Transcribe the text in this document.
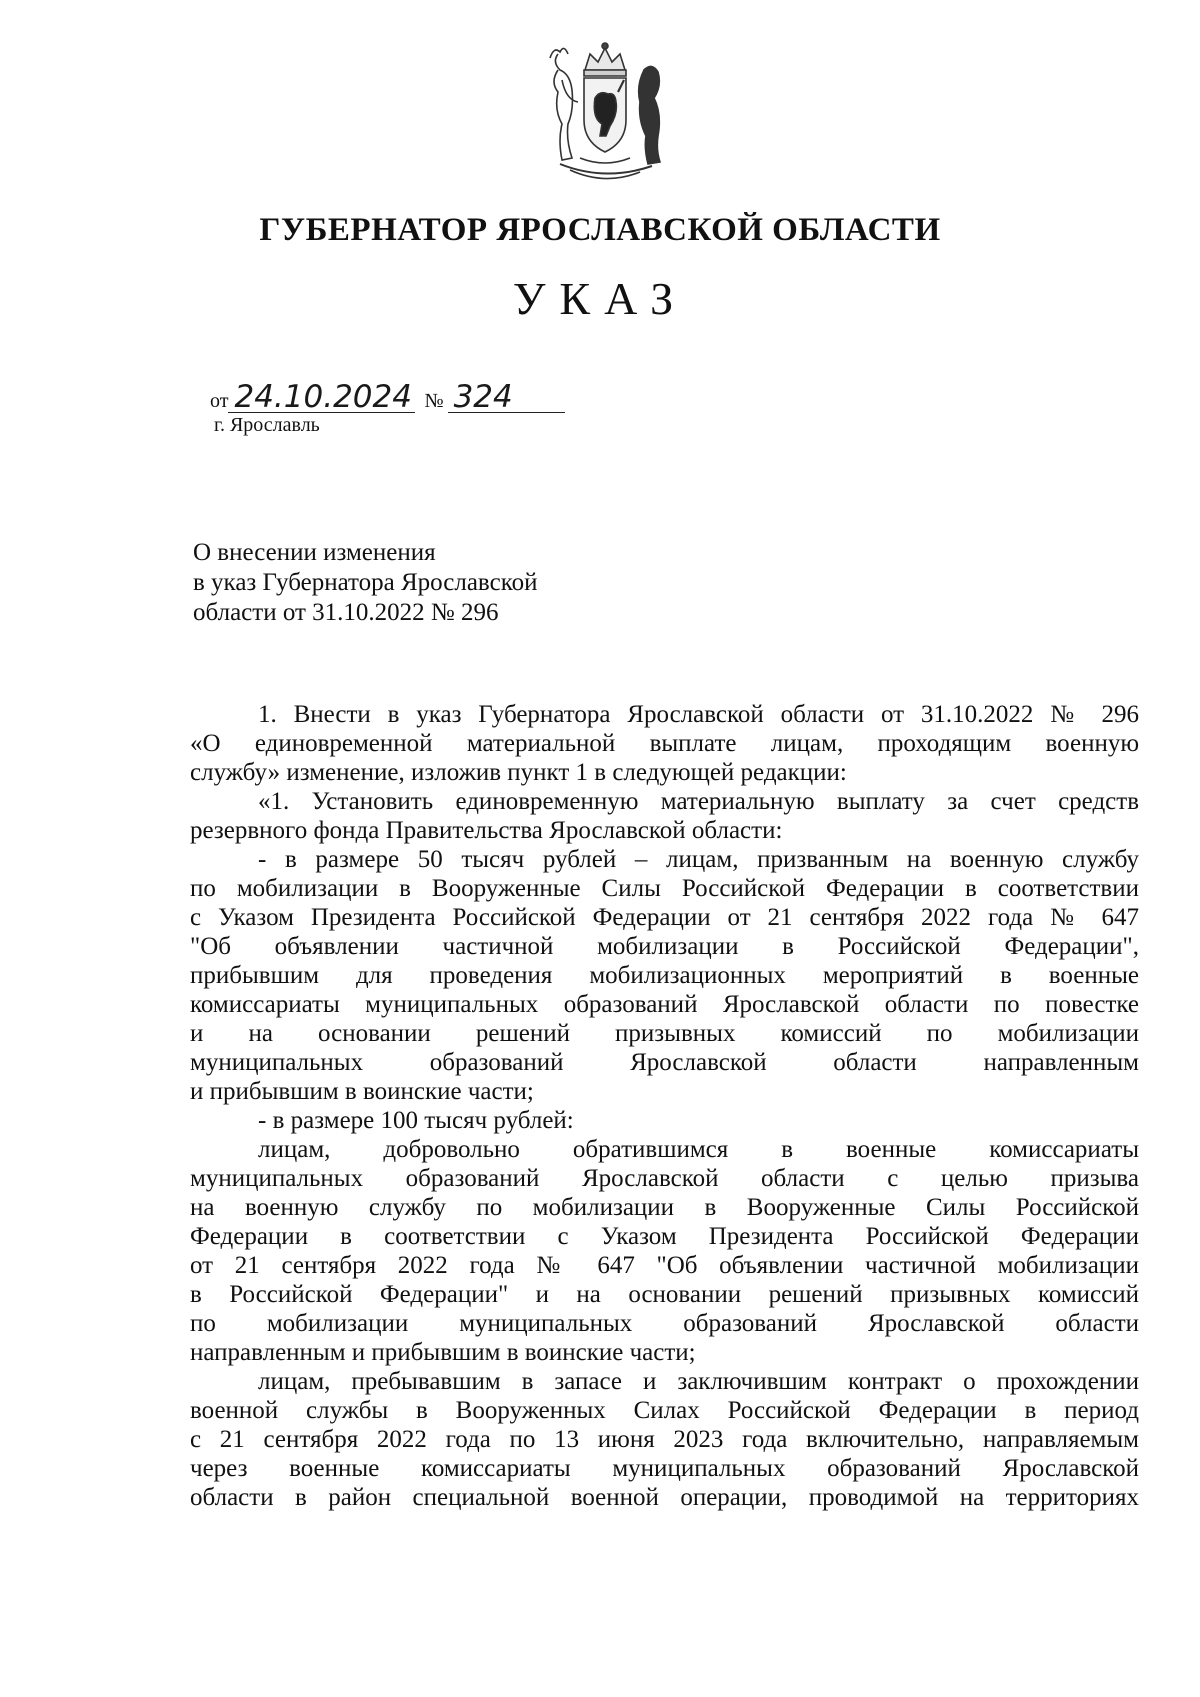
ГУБЕРНАТОР ЯРОСЛАВСКОЙ ОБЛАСТИ
УКАЗ
от 24.10.2024 № 324
г. Ярославль
О внесении изменения
в указ Губернатора Ярославской
области от 31.10.2022 № 296
1. Внести в указ Губернатора Ярославской области от 31.10.2022 № 296
«О единовременной материальной выплате лицам, проходящим военную
службу» изменение, изложив пункт 1 в следующей редакции:
«1. Установить единовременную материальную выплату за счет средств
резервного фонда Правительства Ярославской области:
- в размере 50 тысяч рублей – лицам, призванным на военную службу
по мобилизации в Вооруженные Силы Российской Федерации в соответствии
с Указом Президента Российской Федерации от 21 сентября 2022 года № 647
"Об объявлении частичной мобилизации в Российской Федерации",
прибывшим для проведения мобилизационных мероприятий в военные
комиссариаты муниципальных образований Ярославской области по повестке
и на основании решений призывных комиссий по мобилизации
муниципальных образований Ярославской области направленным
и прибывшим в воинские части;
- в размере 100 тысяч рублей:
лицам, добровольно обратившимся в военные комиссариаты
муниципальных образований Ярославской области с целью призыва
на военную службу по мобилизации в Вооруженные Силы Российской
Федерации в соответствии с Указом Президента Российской Федерации
от 21 сентября 2022 года № 647 "Об объявлении частичной мобилизации
в Российской Федерации" и на основании решений призывных комиссий
по мобилизации муниципальных образований Ярославской области
направленным и прибывшим в воинские части;
лицам, пребывавшим в запасе и заключившим контракт о прохождении
военной службы в Вооруженных Силах Российской Федерации в период
с 21 сентября 2022 года по 13 июня 2023 года включительно, направляемым
через военные комиссариаты муниципальных образований Ярославской
области в район специальной военной операции, проводимой на территориях
